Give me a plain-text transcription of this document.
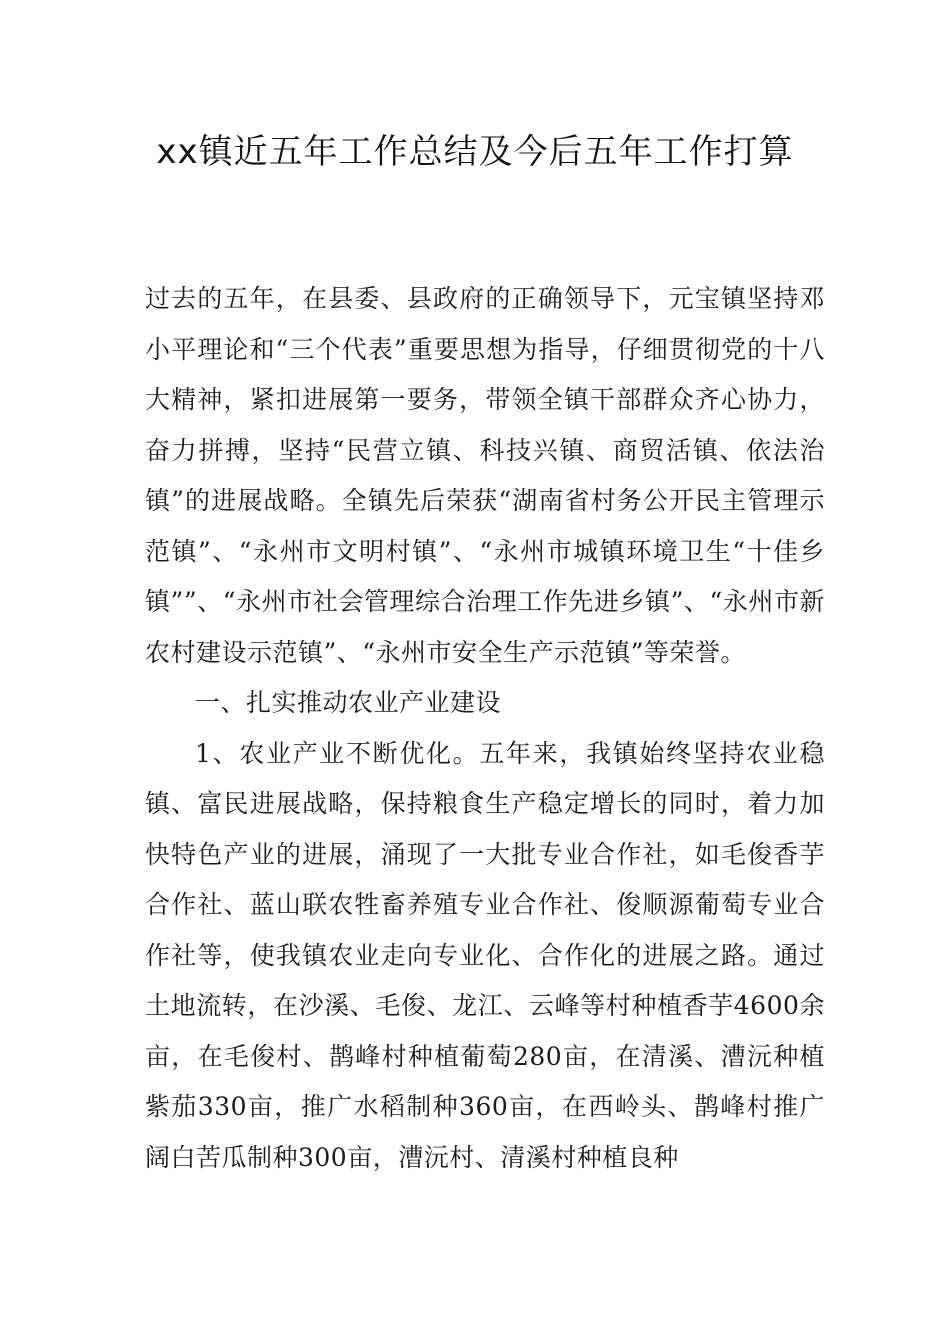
xx镇近五年工作总结及今后五年工作打算

过去的五年，在县委、县政府的正确领导下，元宝镇坚持邓小平理论和“三个代表”重要思想为指导，仔细贯彻党的十八大精神，紧扣进展第一要务，带领全镇干部群众齐心协力，奋力拼搏，坚持“民营立镇、科技兴镇、商贸活镇、依法治镇”的进展战略。全镇先后荣获“湖南省村务公开民主管理示范镇”、“永州市文明村镇”、“永州市城镇环境卫生“十佳乡镇””、“永州市社会管理综合治理工作先进乡镇”、“永州市新农村建设示范镇”、“永州市安全生产示范镇”等荣誉。

一、扎实推动农业产业建设

1、农业产业不断优化。五年来，我镇始终坚持农业稳镇、富民进展战略，保持粮食生产稳定增长的同时，着力加快特色产业的进展，涌现了一大批专业合作社，如毛俊香芋合作社、蓝山联农牲畜养殖专业合作社、俊顺源葡萄专业合作社等，使我镇农业走向专业化、合作化的进展之路。通过土地流转，在沙溪、毛俊、龙江、云峰等村种植香芋4600余亩，在毛俊村、鹊峰村种植葡萄280亩，在清溪、漕沅种植紫茄330亩，推广水稻制种360亩，在西岭头、鹊峰村推广阔白苦瓜制种300亩，漕沅村、清溪村种植良种
